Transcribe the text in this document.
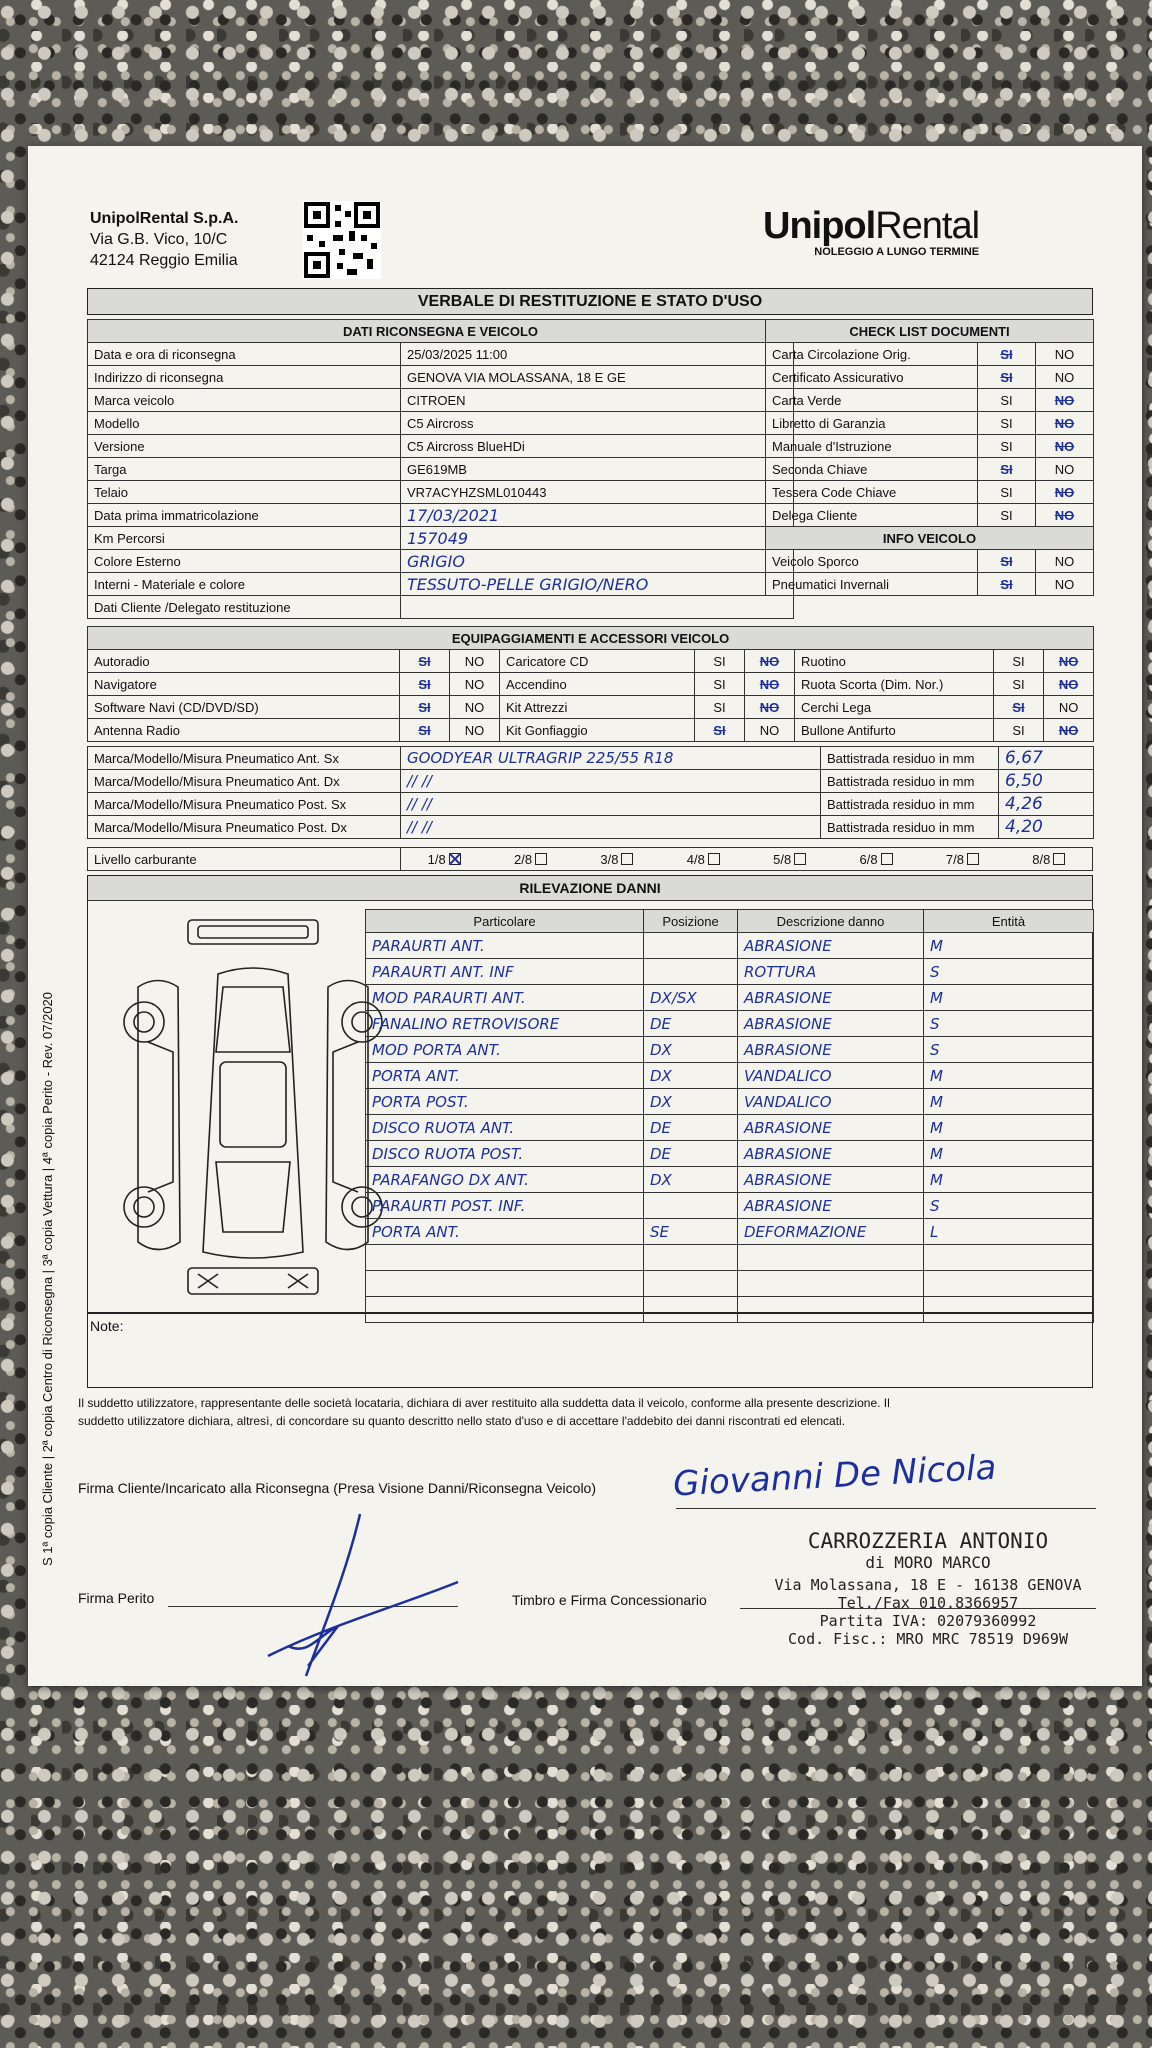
UnipolRental S.p.A.
Via G.B. Vico, 10/C
42124 Reggio Emilia
UnipolRental
NOLEGGIO A LUNGO TERMINE
VERBALE DI RESTITUZIONE E STATO D'USO
DATI RICONSEGNA E VEICOLO	
Data e ora di riconsegna	25/03/2025 11:00
Indirizzo di riconsegna	GENOVA VIA MOLASSANA, 18 E GE
Marca veicolo	CITROEN
Modello	C5 Aircross
Versione	C5 Aircross BlueHDi
Targa	GE619MB
Telaio	VR7ACYHZSML010443
Data prima immatricolazione	17/03/2021
Km Percorsi	157049
Colore Esterno	GRIGIO
Interni - Materiale e colore	TESSUTO-PELLE GRIGIO/NERO
Dati Cliente /Delegato restituzione	
CHECK LIST DOCUMENTI		
Carta Circolazione Orig.	SI	NO
Certificato Assicurativo	SI	NO
Carta Verde	SI	NO
Libretto di Garanzia	SI	NO
Manuale d'Istruzione	SI	NO
Seconda Chiave	SI	NO
Tessera Code Chiave	SI	NO
Delega Cliente	SI	NO
INFO VEICOLO		
Veicolo Sporco	SI	NO
Pneumatici Invernali	SI	NO
EQUIPAGGIAMENTI E ACCESSORI VEICOLO								
Autoradio	SI	NO	Caricatore CD	SI	NO	Ruotino	SI	NO
Navigatore	SI	NO	Accendino	SI	NO	Ruota Scorta (Dim. Nor.)	SI	NO
Software Navi (CD/DVD/SD)	SI	NO	Kit Attrezzi	SI	NO	Cerchi Lega	SI	NO
Antenna Radio	SI	NO	Kit Gonfiaggio	SI	NO	Bullone Antifurto	SI	NO
Marca/Modello/Misura Pneumatico Ant. Sx	GOODYEAR ULTRAGRIP 225/55 R18	Battistrada residuo in mm	6,67
Marca/Modello/Misura Pneumatico Ant. Dx	// //	Battistrada residuo in mm	6,50
Marca/Modello/Misura Pneumatico Post. Sx	// //	Battistrada residuo in mm	4,26
Marca/Modello/Misura Pneumatico Post. Dx	// //	Battistrada residuo in mm	4,20
Livello carburante	1/8	2/8	3/8	4/8	5/8	6/8	7/8	8/8
RILEVAZIONE DANNI
Particolare	Posizione	Descrizione danno	Entità
PARAURTI ANT.		ABRASIONE	M
PARAURTI ANT. INF		ROTTURA	S
MOD PARAURTI ANT.	DX/SX	ABRASIONE	M
FANALINO RETROVISORE	DE	ABRASIONE	S
MOD PORTA ANT.	DX	ABRASIONE	S
PORTA ANT.	DX	VANDALICO	M
PORTA POST.	DX	VANDALICO	M
DISCO RUOTA ANT.	DE	ABRASIONE	M
DISCO RUOTA POST.	DE	ABRASIONE	M
PARAFANGO DX ANT.	DX	ABRASIONE	M
PARAURTI POST. INF.		ABRASIONE	S
PORTA ANT.	SE	DEFORMAZIONE	L

Note:
Il suddetto utilizzatore, rappresentante delle società locataria, dichiara di aver restituito alla suddetta data il veicolo, conforme alla presente descrizione. Il
suddetto utilizzatore dichiara, altresì, di concordare su quanto descritto nello stato d'uso e di accettare l'addebito dei danni riscontrati ed elencati.
Firma Cliente/Incaricato alla Riconsegna (Presa Visione Danni/Riconsegna Veicolo) Giovanni De Nicola
Firma Perito	Timbro e Firma Concessionario
CARROZZERIA ANTONIO
di MORO MARCO
Via Molassana, 18 E - 16138 GENOVA
Tel./Fax 010.8366957
Partita IVA: 02079360992
Cod. Fisc.: MRO MRC 78519 D969W
S 1ª copia Cliente | 2ª copia Centro di Riconsegna | 3ª copia Vettura | 4ª copia Perito - Rev. 07/2020
